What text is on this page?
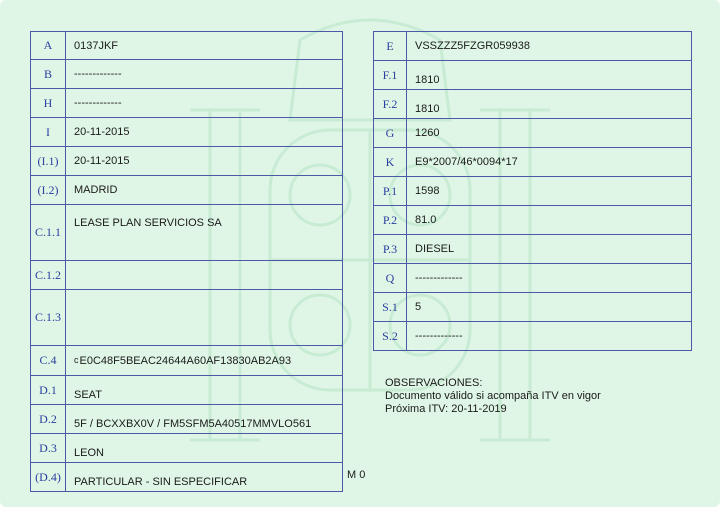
A	0137JKF
B	-------------
H	-------------
I	20-11-2015
(I.1)	20-11-2015
(I.2)	MADRID
C.1.1	LEASE PLAN SERVICIOS SA
C.1.2	
C.1.3	
C.4	$^c$E0C48F5BEAC24644A60AF13830AB2A93
D.1	SEAT
D.2	5F / BCXXBX0V / FM5SFM5A40517MMVLO561
D.3	LEON
(D.4)	PARTICULAR - SIN ESPECIFICAR
E	VSSZZZ5FZGR059938
F.1	1810
F.2	1810
G	1260
K	E9*2007/46*0094*17
P.1	1598
P.2	81.0
P.3	DIESEL
Q	-------------
S.1	5
S.2	-------------
OBSERVACIONES:
Documento válido si acompaña ITV en vigor
Próxima ITV: 20-11-2019
M 0
